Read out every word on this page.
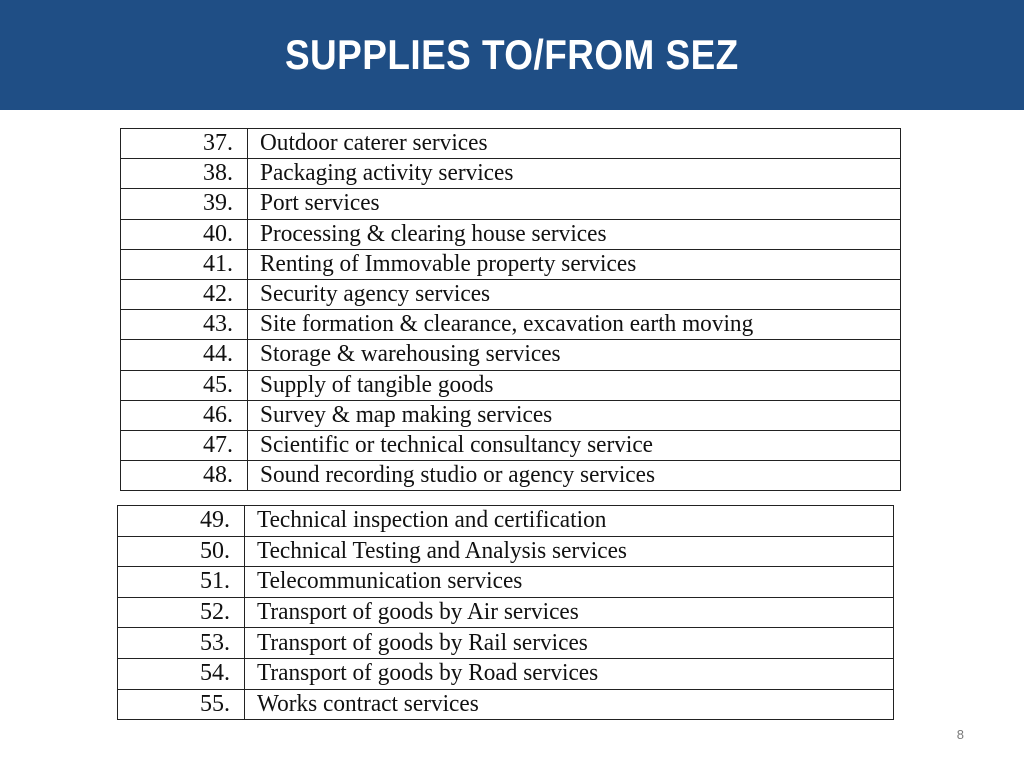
SUPPLIES TO/FROM SEZ
37.	Outdoor caterer services
38.	Packaging activity services
39.	Port services
40.	Processing & clearing house services
41.	Renting of Immovable property services
42.	Security agency services
43.	Site formation & clearance, excavation earth moving
44.	Storage & warehousing services
45.	Supply of tangible goods
46.	Survey & map making services
47.	Scientific or technical consultancy service
48.	Sound recording studio or agency services
49.	Technical inspection and certification
50.	Technical Testing and Analysis services
51.	Telecommunication services
52.	Transport of goods by Air services
53.	Transport of goods by Rail services
54.	Transport of goods by Road services
55.	Works contract services
8
